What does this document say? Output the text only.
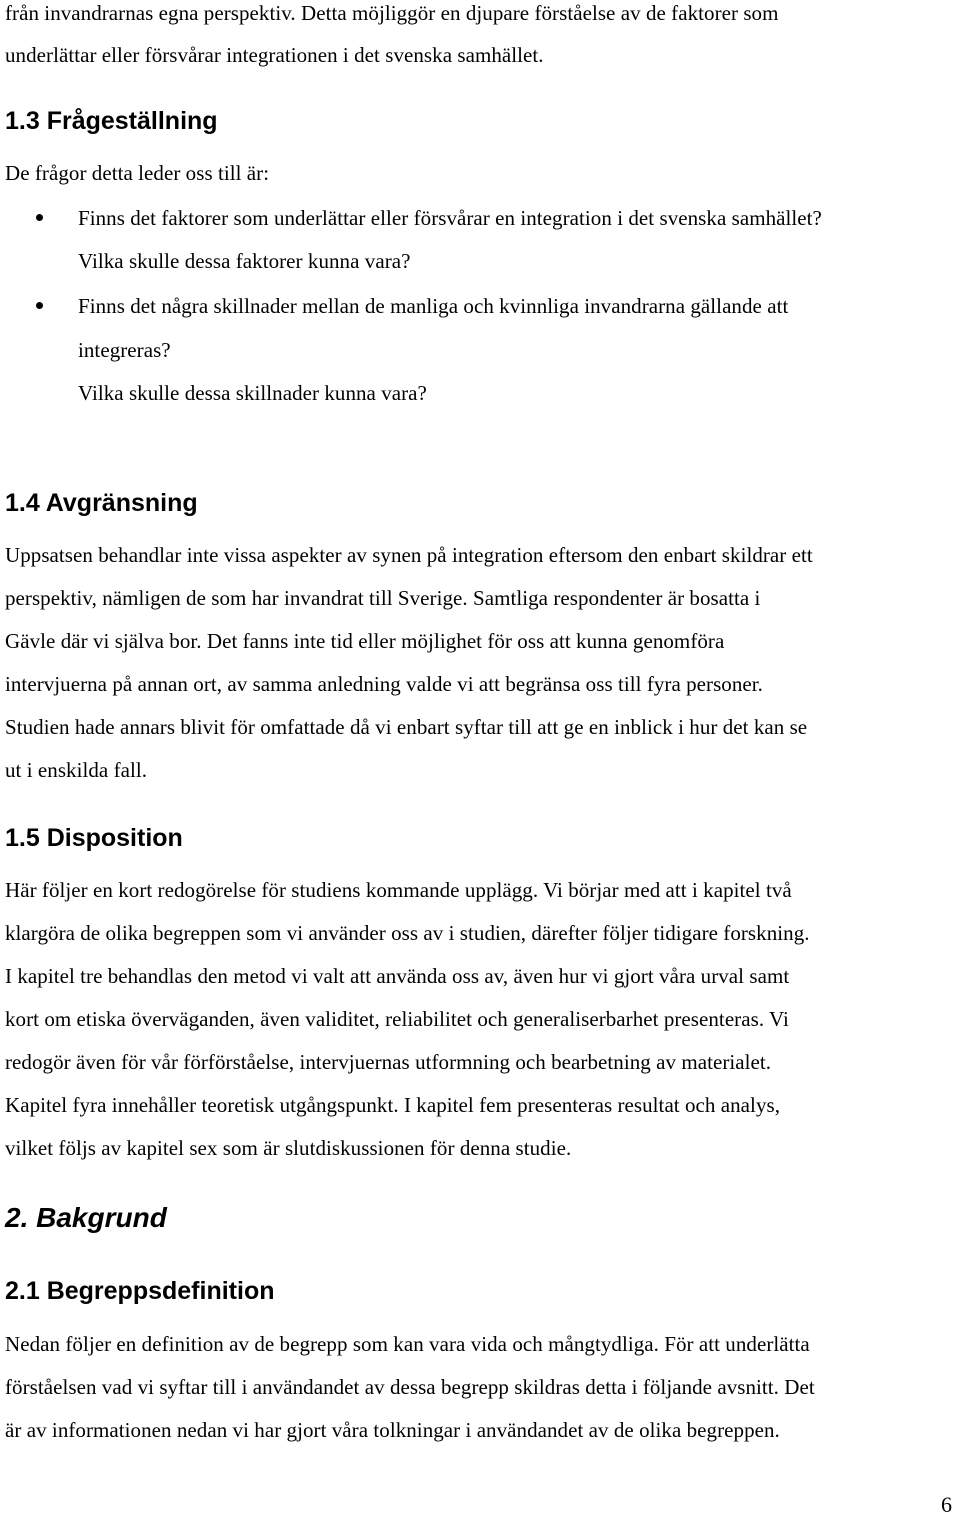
från invandrarnas egna perspektiv. Detta möjliggör en djupare förståelse av de faktorer som
underlättar eller försvårar integrationen i det svenska samhället.
1.3 Frågeställning
De frågor detta leder oss till är:
Finns det faktorer som underlättar eller försvårar en integration i det svenska samhället?
Vilka skulle dessa faktorer kunna vara?
Finns det några skillnader mellan de manliga och kvinnliga invandrarna gällande att
integreras?
Vilka skulle dessa skillnader kunna vara?
1.4 Avgränsning
Uppsatsen behandlar inte vissa aspekter av synen på integration eftersom den enbart skildrar ett
perspektiv, nämligen de som har invandrat till Sverige. Samtliga respondenter är bosatta i
Gävle där vi själva bor. Det fanns inte tid eller möjlighet för oss att kunna genomföra
intervjuerna på annan ort, av samma anledning valde vi att begränsa oss till fyra personer.
Studien hade annars blivit för omfattade då vi enbart syftar till att ge en inblick i hur det kan se
ut i enskilda fall.
1.5 Disposition
Här följer en kort redogörelse för studiens kommande upplägg. Vi börjar med att i kapitel två
klargöra de olika begreppen som vi använder oss av i studien, därefter följer tidigare forskning.
I kapitel tre behandlas den metod vi valt att använda oss av, även hur vi gjort våra urval samt
kort om etiska överväganden, även validitet, reliabilitet och generaliserbarhet presenteras. Vi
redogör även för vår förförståelse, intervjuernas utformning och bearbetning av materialet.
Kapitel fyra innehåller teoretisk utgångspunkt. I kapitel fem presenteras resultat och analys,
vilket följs av kapitel sex som är slutdiskussionen för denna studie.
2. Bakgrund
2.1 Begreppsdefinition
Nedan följer en definition av de begrepp som kan vara vida och mångtydliga. För att underlätta
förståelsen vad vi syftar till i användandet av dessa begrepp skildras detta i följande avsnitt. Det
är av informationen nedan vi har gjort våra tolkningar i användandet av de olika begreppen.
6
